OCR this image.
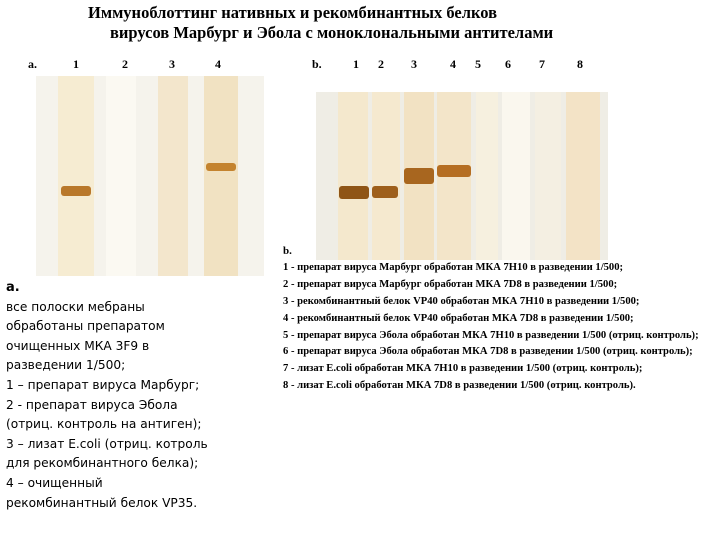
Иммуноблоттинг нативных и рекомбинантных белков
вирусов Марбург и Эбола с моноклональными антителами
a.	1	2	3	4	b.	1 2 3	4 5 6 7	8
a.
все полоски мебраны
обработаны препаратом
очищенных МКА 3F9 в
разведении 1/500;
1 – препарат вируса Марбург;
2 - препарат вируса Эбола
(отриц. контроль на антиген);
3 – лизат E.coli (отриц. котроль
для рекомбинантного белка);
4 – очищенный
рекомбинантный белок VP35.
b.
1 - препарат вируса Марбург обработан МКА 7H10 в разведении 1/500;
2 - препарат вируса Марбург обработан МКА 7D8 в разведении 1/500;
3 - рекомбинантный белок VP40 обработан МКА 7H10 в разведении 1/500;
4 - рекомбинантный белок VP40 обработан МКА 7D8 в разведении 1/500;
5 - препарат вируса Эбола обработан МКА 7H10 в разведении 1/500 (отриц. контроль);
6 - препарат вируса Эбола обработан МКА 7D8 в разведении 1/500 (отриц. контроль);
7 - лизат E.coli обработан МКА 7H10 в разведении 1/500 (отриц. контроль);
8 - лизат E.coli обработан МКА 7D8 в разведении 1/500 (отриц. контроль).
